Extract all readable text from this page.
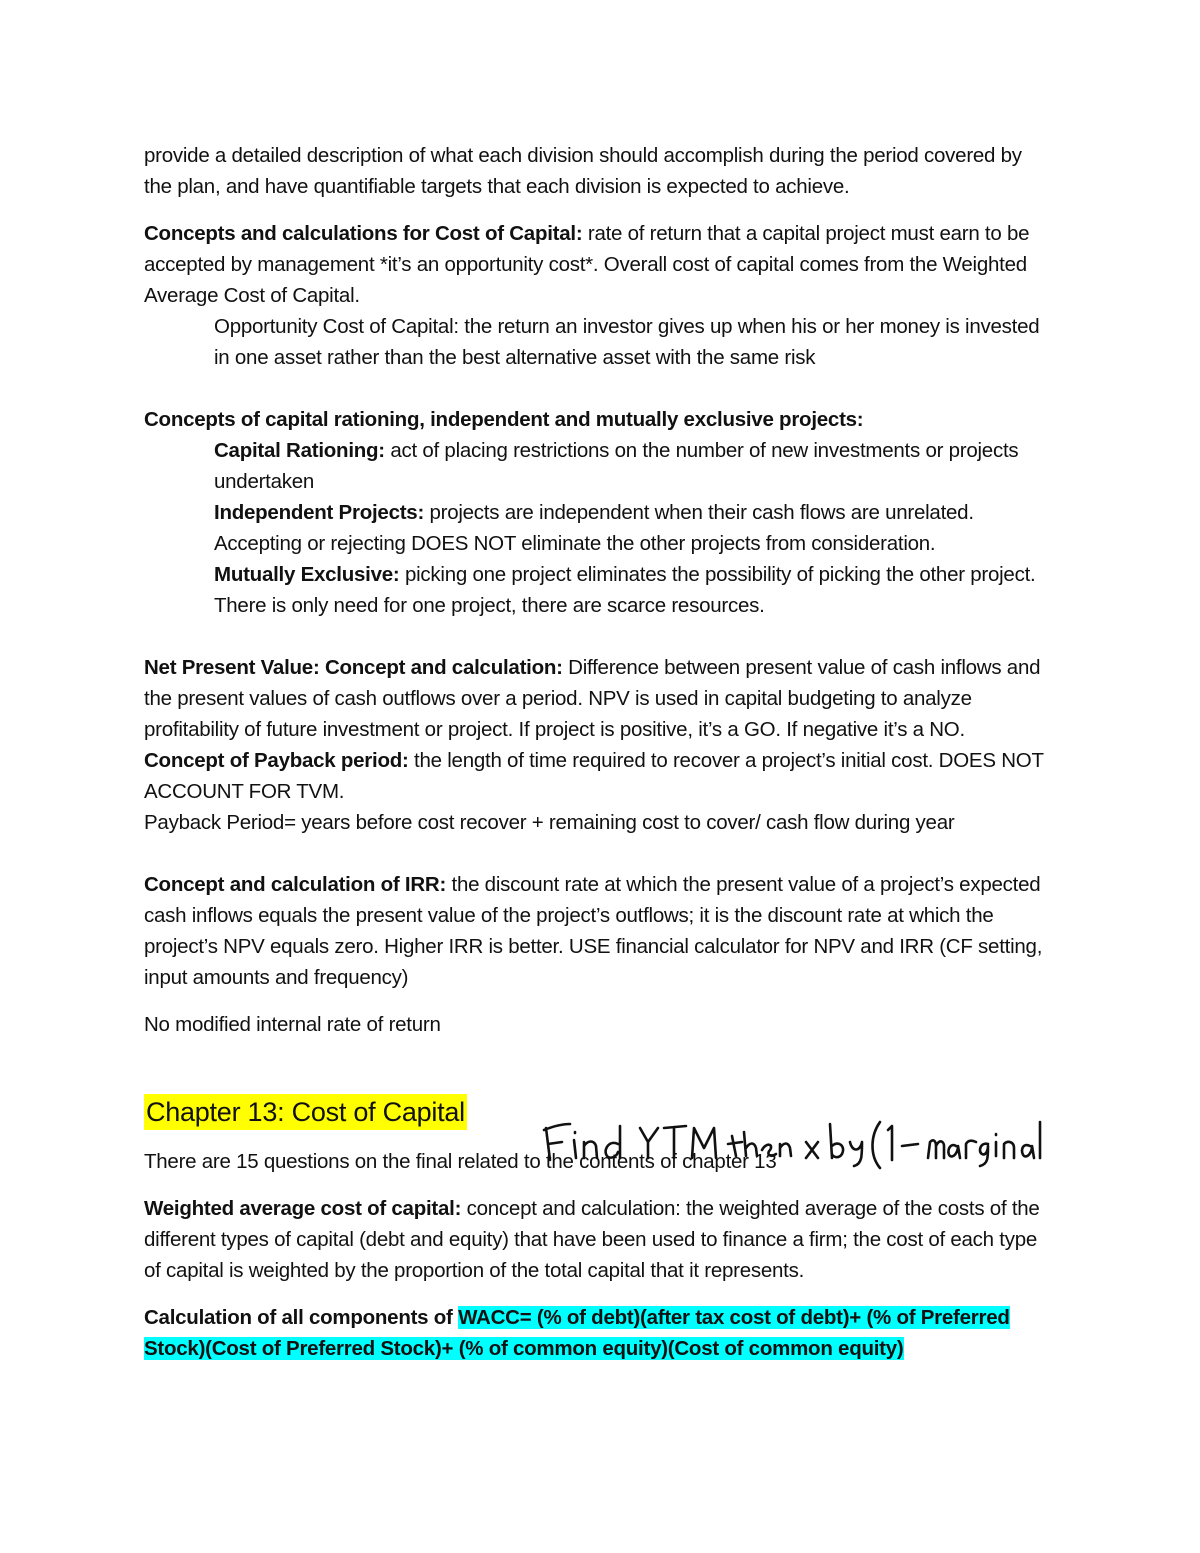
provide a detailed description of what each division should accomplish during the period covered by the plan, and have quantifiable targets that each division is expected to achieve.

Concepts and calculations for Cost of Capital: rate of return that a capital project must earn to be accepted by management *it’s an opportunity cost*. Overall cost of capital comes from the Weighted Average Cost of Capital.

Opportunity Cost of Capital: the return an investor gives up when his or her money is invested in one asset rather than the best alternative asset with the same risk

Concepts of capital rationing, independent and mutually exclusive projects:

Capital Rationing: act of placing restrictions on the number of new investments or projects undertaken

Independent Projects: projects are independent when their cash flows are unrelated. Accepting or rejecting DOES NOT eliminate the other projects from consideration.

Mutually Exclusive: picking one project eliminates the possibility of picking the other project. There is only need for one project, there are scarce resources.

Net Present Value: Concept and calculation: Difference between present value of cash inflows and the present values of cash outflows over a period. NPV is used in capital budgeting to analyze profitability of future investment or project. If project is positive, it’s a GO. If negative it’s a NO.

Concept of Payback period: the length of time required to recover a project’s initial cost. DOES NOT ACCOUNT FOR TVM.

Payback Period= years before cost recover + remaining cost to cover/ cash flow during year

Concept and calculation of IRR: the discount rate at which the present value of a project’s expected cash inflows equals the present value of the project’s outflows; it is the discount rate at which the project’s NPV equals zero. Higher IRR is better. USE financial calculator for NPV and IRR (CF setting, input amounts and frequency)

No modified internal rate of return

Chapter 13: Cost of Capital

There are 15 questions on the final related to the contents of chapter 13

Weighted average cost of capital: concept and calculation: the weighted average of the costs of the different types of capital (debt and equity) that have been used to finance a firm; the cost of each type of capital is weighted by the proportion of the total capital that it represents.

Calculation of all components of WACC= (% of debt)(after tax cost of debt)+ (% of Preferred Stock)(Cost of Preferred Stock)+ (% of common equity)(Cost of common equity)
